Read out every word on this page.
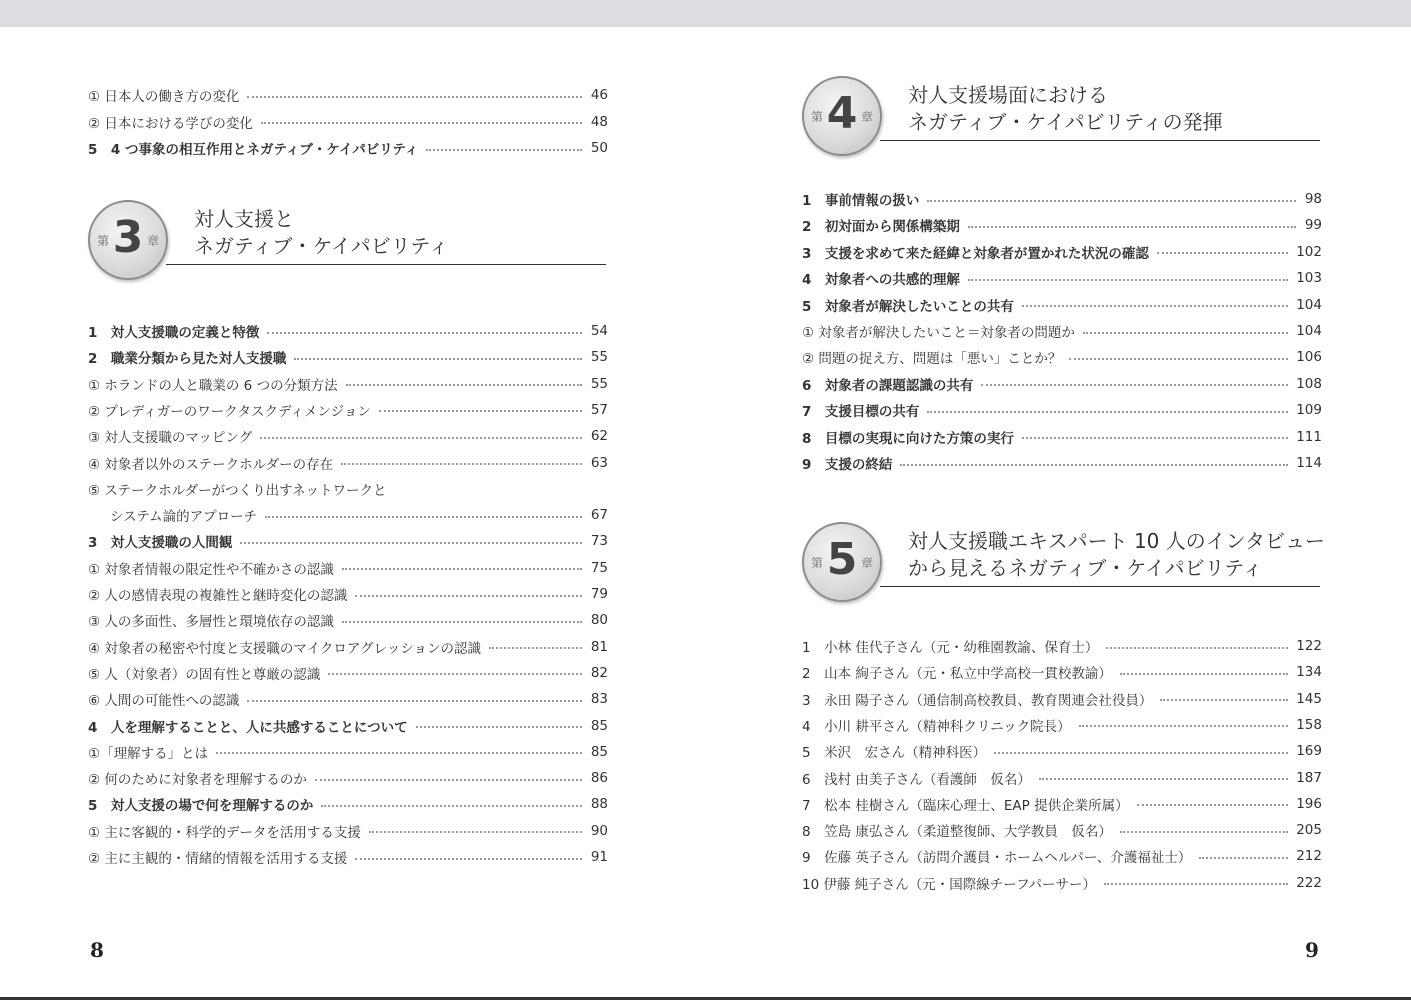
① 日本人の働き方の変化	46
② 日本における学びの変化	48
5　4 つ事象の相互作用とネガティブ・ケイパビリティ	50
第 3 章
対人支援と
ネガティブ・ケイパビリティ
1　対人支援職の定義と特徴	54
2　職業分類から見た対人支援職	55
① ホランドの人と職業の 6 つの分類方法	55
② プレディガーのワークタスクディメンジョン	57
③ 対人支援職のマッピング	62
④ 対象者以外のステークホルダーの存在	63
⑤ ステークホルダーがつくり出すネットワークと
システム論的アプローチ	67
3　対人支援職の人間観	73
① 対象者情報の限定性や不確かさの認識	75
② 人の感情表現の複雑性と継時変化の認識	79
③ 人の多面性、多層性と環境依存の認識	80
④ 対象者の秘密や忖度と支援職のマイクロアグレッションの認識	81
⑤ 人（対象者）の固有性と尊厳の認識	82
⑥ 人間の可能性への認識	83
4　人を理解することと、人に共感することについて	85
①「理解する」とは	85
② 何のために対象者を理解するのか	86
5　対人支援の場で何を理解するのか	88
① 主に客観的・科学的データを活用する支援	90
② 主に主観的・情緒的情報を活用する支援	91
8
第 4 章
対人支援場面における
ネガティブ・ケイパビリティの発揮
1　事前情報の扱い	98
2　初対面から関係構築期	99
3　支援を求めて来た経緯と対象者が置かれた状況の確認	102
4　対象者への共感的理解	103
5　対象者が解決したいことの共有	104
① 対象者が解決したいこと＝対象者の問題か	104
② 問題の捉え方、問題は「悪い」ことか？	106
6　対象者の課題認識の共有	108
7　支援目標の共有	109
8　目標の実現に向けた方策の実行	111
9　支援の終結	114
第 5 章
対人支援職エキスパート 10 人のインタビュー
から見えるネガティブ・ケイパビリティ
1　小林 佳代子さん（元・幼稚園教諭、保育士）	122
2　山本 絢子さん（元・私立中学高校一貫校教諭）	134
3　永田 陽子さん（通信制高校教員、教育関連会社役員）	145
4　小川 耕平さん（精神科クリニック院長）	158
5　米沢　宏さん（精神科医）	169
6　浅村 由美子さん（看護師　仮名）	187
7　松本 桂樹さん（臨床心理士、EAP 提供企業所属）	196
8　笠島 康弘さん（柔道整復師、大学教員　仮名）	205
9　佐藤 英子さん（訪問介護員・ホームヘルパー、介護福祉士）	212
10 伊藤 純子さん（元・国際線チーフパーサー）	222
9
